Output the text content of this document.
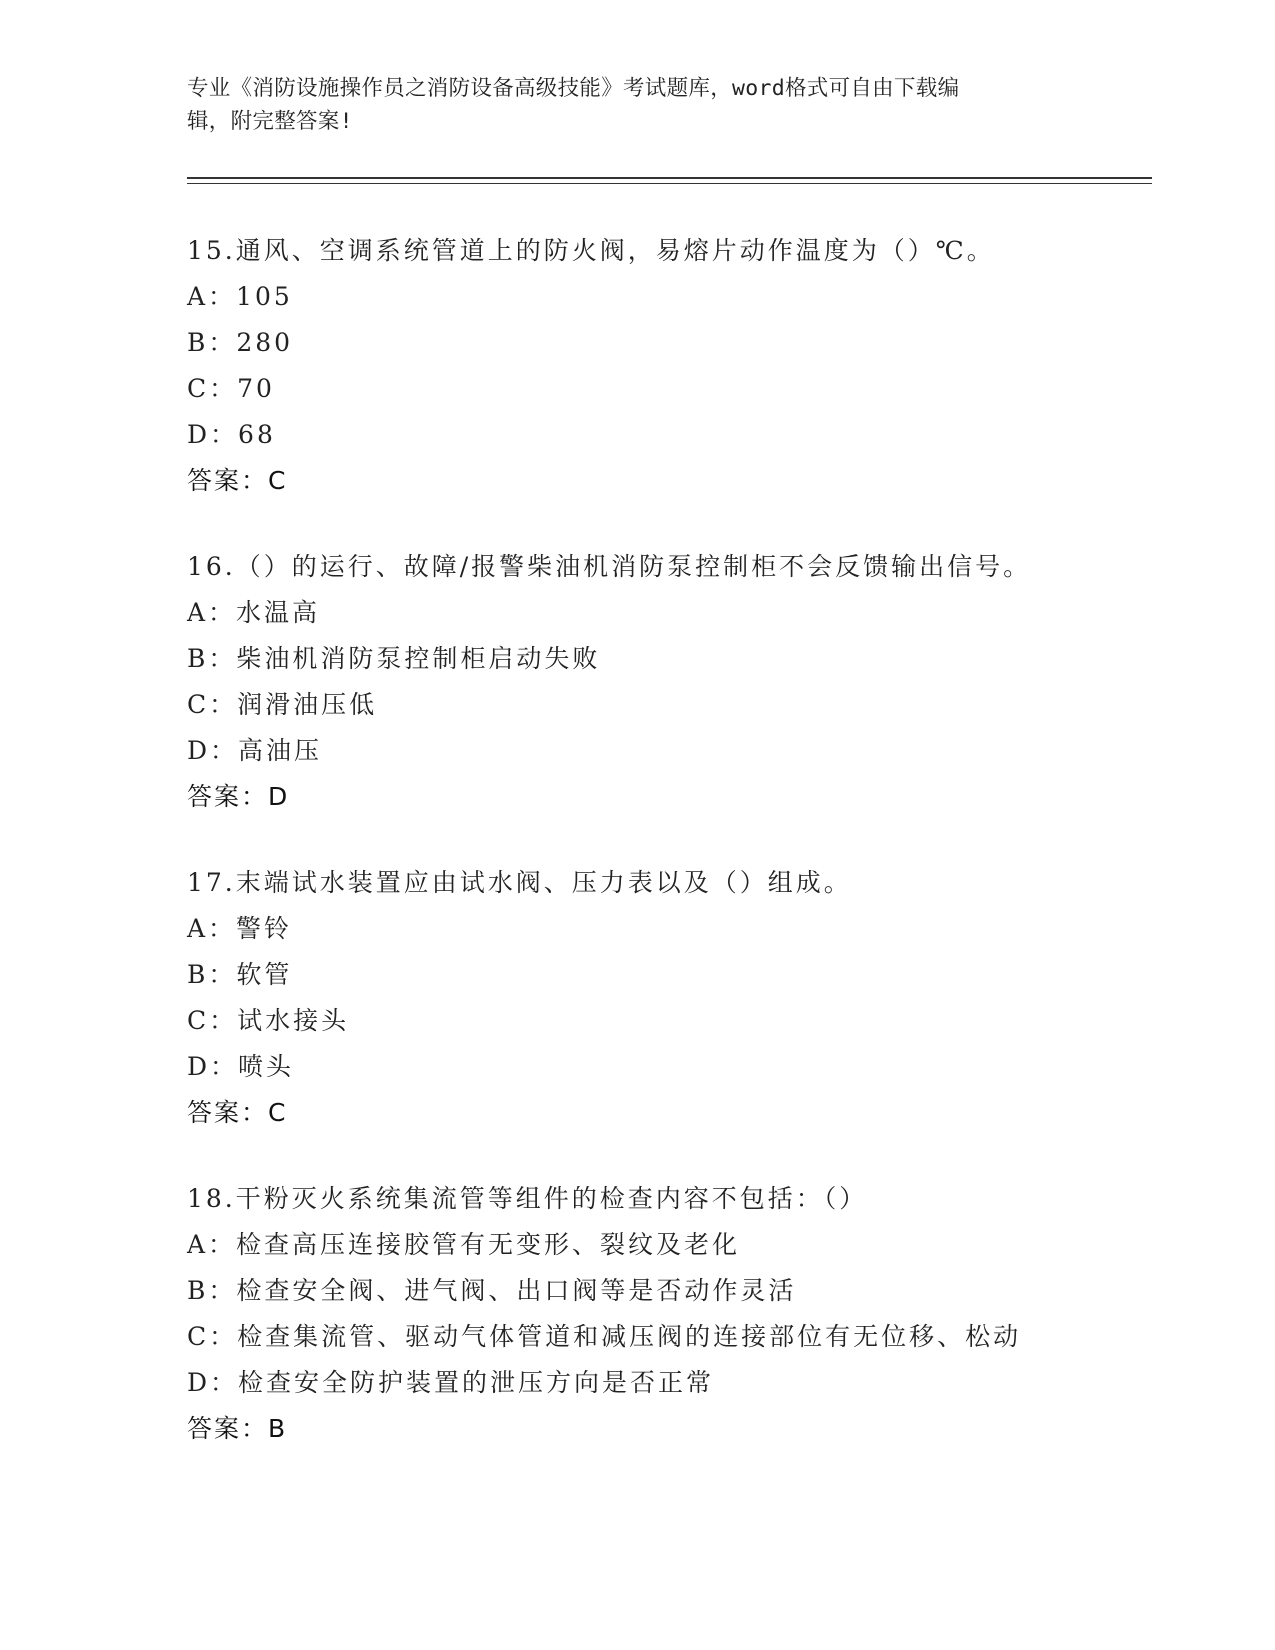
专业《消防设施操作员之消防设备高级技能》考试题库，word格式可自由下载编
辑，附完整答案!
15.通风、空调系统管道上的防火阀，易熔片动作温度为（）℃。
A：105
B：280
C：70
D：68
答案：C
16.（）的运行、故障/报警柴油机消防泵控制柜不会反馈输出信号。
A：水温高
B：柴油机消防泵控制柜启动失败
C：润滑油压低
D：高油压
答案：D
17.末端试水装置应由试水阀、压力表以及（）组成。
A：警铃
B：软管
C：试水接头
D：喷头
答案：C
18.干粉灭火系统集流管等组件的检查内容不包括：（）
A：检查高压连接胶管有无变形、裂纹及老化
B：检查安全阀、进气阀、出口阀等是否动作灵活
C：检查集流管、驱动气体管道和减压阀的连接部位有无位移、松动
D：检查安全防护装置的泄压方向是否正常
答案：B
